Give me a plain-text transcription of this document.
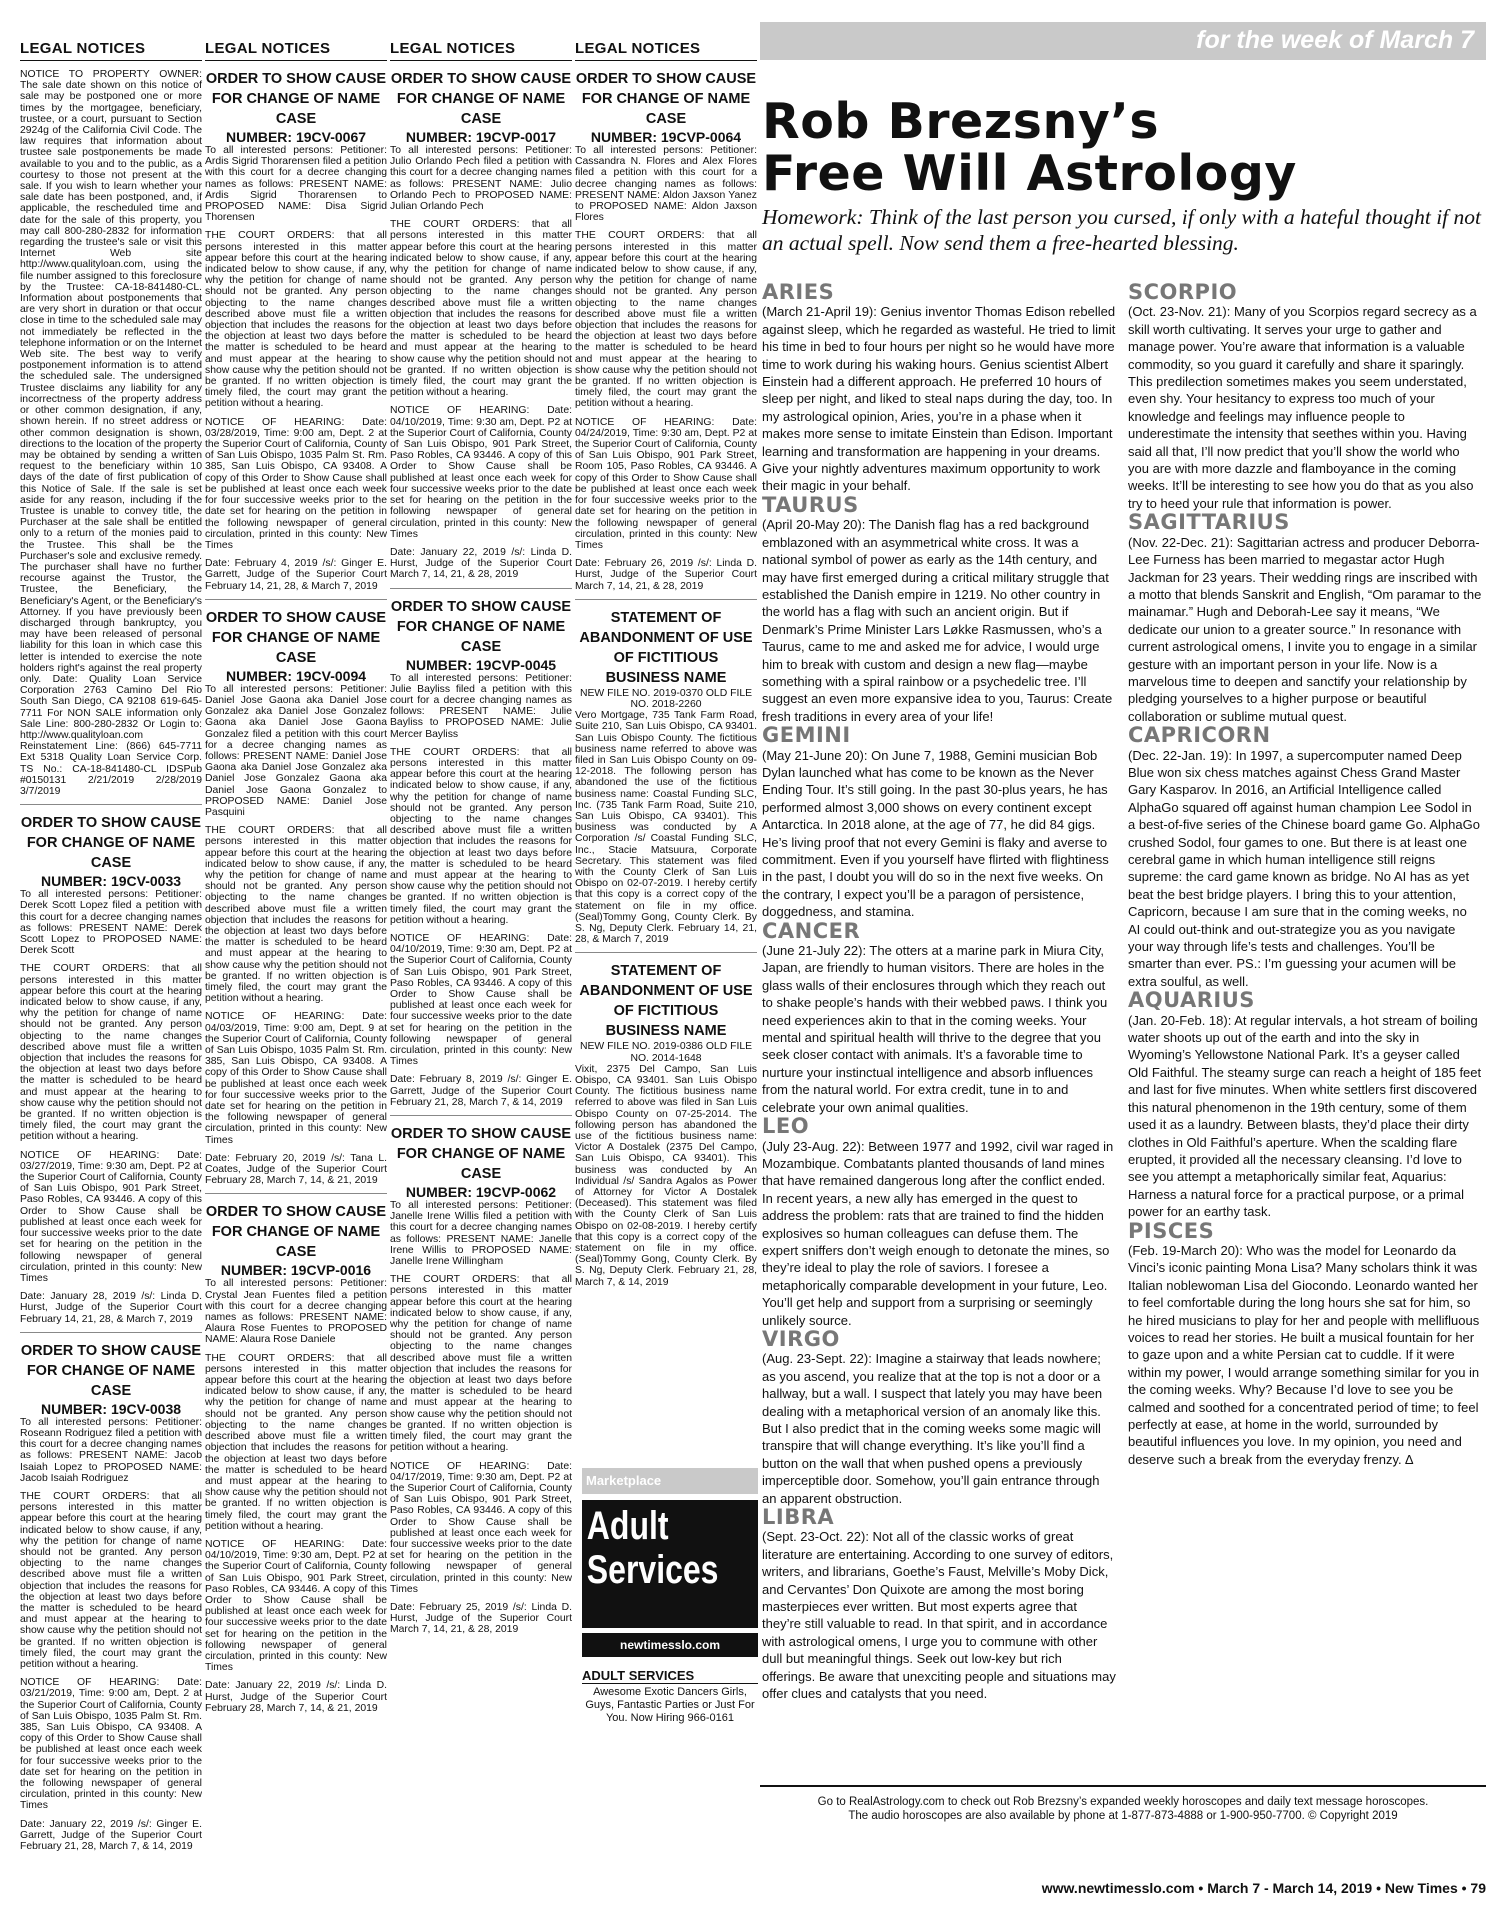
for the week of March 7
LEGAL NOTICES

NOTICE TO PROPERTY OWNER: The sale date shown on this notice of sale may be postponed one or more times by the mortgagee, beneficiary, trustee, or a court, pursuant to Section 2924g of the California Civil Code. The law requires that information about trustee sale postponements be made available to you and to the public, as a courtesy to those not present at the sale. If you wish to learn whether your sale date has been postponed, and, if applicable, the rescheduled time and date for the sale of this property, you may call 800-280-2832 for information regarding the trustee's sale or visit this Internet Web site http://www.qualityloan.com, using the file number assigned to this foreclosure by the Trustee: CA-18-841480-CL. Information about postponements that are very short in duration or that occur close in time to the scheduled sale may not immediately be reflected in the telephone information or on the Internet Web site. The best way to verify postponement information is to attend the scheduled sale. The undersigned Trustee disclaims any liability for any incorrectness of the property address or other common designation, if any, shown herein. If no street address or other common designation is shown, directions to the location of the property may be obtained by sending a written request to the beneficiary within 10 days of the date of first publication of this Notice of Sale. If the sale is set aside for any reason, including if the Trustee is unable to convey title, the Purchaser at the sale shall be entitled only to a return of the monies paid to the Trustee. This shall be the Purchaser's sole and exclusive remedy. The purchaser shall have no further recourse against the Trustor, the Trustee, the Beneficiary, the Beneficiary's Agent, or the Beneficiary's Attorney. If you have previously been discharged through bankruptcy, you may have been released of personal liability for this loan in which case this letter is intended to exercise the note holders right's against the real property only. Date: Quality Loan Service Corporation 2763 Camino Del Rio South San Diego, CA 92108 619-645-7711 For NON SALE information only Sale Line: 800-280-2832 Or Login to: http://www.qualityloan.com Reinstatement Line: (866) 645-7711 Ext 5318 Quality Loan Service Corp. TS No.: CA-18-841480-CL IDSPub #0150131 2/21/2019 2/28/2019 3/7/2019

ORDER TO SHOW CAUSE FOR CHANGE OF NAME CASE
NUMBER: 19CV-0033

To all interested persons: Petitioner: Derek Scott Lopez filed a petition with this court for a decree changing names as follows: PRESENT NAME: Derek Scott Lopez to PROPOSED NAME: Derek Scott

THE COURT ORDERS: that all persons interested in this matter appear before this court at the hearing indicated below to show cause, if any, why the petition for change of name should not be granted. Any person objecting to the name changes described above must file a written objection that includes the reasons for the objection at least two days before the matter is scheduled to be heard and must appear at the hearing to show cause why the petition should not be granted. If no written objection is timely filed, the court may grant the petition without a hearing.

NOTICE OF HEARING: Date: 03/27/2019, Time: 9:30 am, Dept. P2 at the Superior Court of California, County of San Luis Obispo, 901 Park Street, Paso Robles, CA 93446. A copy of this Order to Show Cause shall be published at least once each week for four successive weeks prior to the date set for hearing on the petition in the following newspaper of general circulation, printed in this county: New Times

Date: January 28, 2019 /s/: Linda D. Hurst, Judge of the Superior Court February 14, 21, 28, & March 7, 2019

ORDER TO SHOW CAUSE FOR CHANGE OF NAME CASE
NUMBER: 19CV-0038

To all interested persons: Petitioner: Roseann Rodriguez filed a petition with this court for a decree changing names as follows: PRESENT NAME: Jacob Isaiah Lopez to PROPOSED NAME: Jacob Isaiah Rodriguez

THE COURT ORDERS: that all persons interested in this matter appear before this court at the hearing indicated below to show cause, if any, why the petition for change of name should not be granted. Any person objecting to the name changes described above must file a written objection that includes the reasons for the objection at least two days before the matter is scheduled to be heard and must appear at the hearing to show cause why the petition should not be granted. If no written objection is timely filed, the court may grant the petition without a hearing.

NOTICE OF HEARING: Date: 03/21/2019, Time: 9:00 am, Dept. 2 at the Superior Court of California, County of San Luis Obispo, 1035 Palm St. Rm. 385, San Luis Obispo, CA 93408. A copy of this Order to Show Cause shall be published at least once each week for four successive weeks prior to the date set for hearing on the petition in the following newspaper of general circulation, printed in this county: New Times

Date: January 22, 2019 /s/: Ginger E. Garrett, Judge of the Superior Court February 21, 28, March 7, & 14, 2019

LEGAL NOTICES
ORDER TO SHOW CAUSE FOR CHANGE OF NAME CASE
NUMBER: 19CV-0067

To all interested persons: Petitioner: Ardis Sigrid Thorarensen filed a petition with this court for a decree changing names as follows: PRESENT NAME: Ardis Sigrid Thorarensen to PROPOSED NAME: Disa Sigrid Thorensen

THE COURT ORDERS: that all persons interested in this matter appear before this court at the hearing indicated below to show cause, if any, why the petition for change of name should not be granted. Any person objecting to the name changes described above must file a written objection that includes the reasons for the objection at least two days before the matter is scheduled to be heard and must appear at the hearing to show cause why the petition should not be granted. If no written objection is timely filed, the court may grant the petition without a hearing.

NOTICE OF HEARING: Date: 03/28/2019, Time: 9:00 am, Dept. 2 at the Superior Court of California, County of San Luis Obispo, 1035 Palm St. Rm. 385, San Luis Obispo, CA 93408. A copy of this Order to Show Cause shall be published at least once each week for four successive weeks prior to the date set for hearing on the petition in the following newspaper of general circulation, printed in this county: New Times

Date: February 4, 2019 /s/: Ginger E. Garrett, Judge of the Superior Court February 14, 21, 28, & March 7, 2019

ORDER TO SHOW CAUSE FOR CHANGE OF NAME CASE
NUMBER: 19CV-0094

To all interested persons: Petitioner: Daniel Jose Gaona aka Daniel Jose Gonzalez aka Daniel Jose Gonzalez Gaona aka Daniel Jose Gaona Gonzalez filed a petition with this court for a decree changing names as follows: PRESENT NAME: Daniel Jose Gaona aka Daniel Jose Gonzalez aka Daniel Jose Gonzalez Gaona aka Daniel Jose Gaona Gonzalez to PROPOSED NAME: Daniel Jose Pasquini

THE COURT ORDERS: that all persons interested in this matter appear before this court at the hearing indicated below to show cause, if any, why the petition for change of name should not be granted. Any person objecting to the name changes described above must file a written objection that includes the reasons for the objection at least two days before the matter is scheduled to be heard and must appear at the hearing to show cause why the petition should not be granted. If no written objection is timely filed, the court may grant the petition without a hearing.

NOTICE OF HEARING: Date: 04/03/2019, Time: 9:00 am, Dept. 9 at the Superior Court of California, County of San Luis Obispo, 1035 Palm St. Rm. 385, San Luis Obispo, CA 93408. A copy of this Order to Show Cause shall be published at least once each week for four successive weeks prior to the date set for hearing on the petition in the following newspaper of general circulation, printed in this county: New Times

Date: February 20, 2019 /s/: Tana L. Coates, Judge of the Superior Court February 28, March 7, 14, & 21, 2019

ORDER TO SHOW CAUSE FOR CHANGE OF NAME CASE
NUMBER: 19CVP-0016

To all interested persons: Petitioner: Crystal Jean Fuentes filed a petition with this court for a decree changing names as follows: PRESENT NAME: Alaura Rose Fuentes to PROPOSED NAME: Alaura Rose Daniele

THE COURT ORDERS: that all persons interested in this matter appear before this court at the hearing indicated below to show cause, if any, why the petition for change of name should not be granted. Any person objecting to the name changes described above must file a written objection that includes the reasons for the objection at least two days before the matter is scheduled to be heard and must appear at the hearing to show cause why the petition should not be granted. If no written objection is timely filed, the court may grant the petition without a hearing.

NOTICE OF HEARING: Date: 04/10/2019, Time: 9:30 am, Dept. P2 at the Superior Court of California, County of San Luis Obispo, 901 Park Street, Paso Robles, CA 93446. A copy of this Order to Show Cause shall be published at least once each week for four successive weeks prior to the date set for hearing on the petition in the following newspaper of general circulation, printed in this county: New Times

Date: January 22, 2019 /s/: Linda D. Hurst, Judge of the Superior Court February 28, March 7, 14, & 21, 2019

LEGAL NOTICES
ORDER TO SHOW CAUSE FOR CHANGE OF NAME CASE
NUMBER: 19CVP-0017

To all interested persons: Petitioner: Julio Orlando Pech filed a petition with this court for a decree changing names as follows: PRESENT NAME: Julio Orlando Pech to PROPOSED NAME: Julian Orlando Pech

THE COURT ORDERS: that all persons interested in this matter appear before this court at the hearing indicated below to show cause, if any, why the petition for change of name should not be granted. Any person objecting to the name changes described above must file a written objection that includes the reasons for the objection at least two days before the matter is scheduled to be heard and must appear at the hearing to show cause why the petition should not be granted. If no written objection is timely filed, the court may grant the petition without a hearing.

NOTICE OF HEARING: Date: 04/10/2019, Time: 9:30 am, Dept. P2 at the Superior Court of California, County of San Luis Obispo, 901 Park Street, Paso Robles, CA 93446. A copy of this Order to Show Cause shall be published at least once each week for four successive weeks prior to the date set for hearing on the petition in the following newspaper of general circulation, printed in this county: New Times

Date: January 22, 2019 /s/: Linda D. Hurst, Judge of the Superior Court March 7, 14, 21, & 28, 2019

ORDER TO SHOW CAUSE FOR CHANGE OF NAME CASE
NUMBER: 19CVP-0045

To all interested persons: Petitioner: Julie Bayliss filed a petition with this court for a decree changing names as follows: PRESENT NAME: Julie Bayliss to PROPOSED NAME: Julie Mercer Bayliss

THE COURT ORDERS: that all persons interested in this matter appear before this court at the hearing indicated below to show cause, if any, why the petition for change of name should not be granted. Any person objecting to the name changes described above must file a written objection that includes the reasons for the objection at least two days before the matter is scheduled to be heard and must appear at the hearing to show cause why the petition should not be granted. If no written objection is timely filed, the court may grant the petition without a hearing.

NOTICE OF HEARING: Date: 04/10/2019, Time: 9:30 am, Dept. P2 at the Superior Court of California, County of San Luis Obispo, 901 Park Street, Paso Robles, CA 93446. A copy of this Order to Show Cause shall be published at least once each week for four successive weeks prior to the date set for hearing on the petition in the following newspaper of general circulation, printed in this county: New Times

Date: February 8, 2019 /s/: Ginger E. Garrett, Judge of the Superior Court February 21, 28, March 7, & 14, 2019

ORDER TO SHOW CAUSE FOR CHANGE OF NAME CASE
NUMBER: 19CVP-0062

To all interested persons: Petitioner: Janelle Irene Willis filed a petition with this court for a decree changing names as follows: PRESENT NAME: Janelle Irene Willis to PROPOSED NAME: Janelle Irene Willingham

THE COURT ORDERS: that all persons interested in this matter appear before this court at the hearing indicated below to show cause, if any, why the petition for change of name should not be granted. Any person objecting to the name changes described above must file a written objection that includes the reasons for the objection at least two days before the matter is scheduled to be heard and must appear at the hearing to show cause why the petition should not be granted. If no written objection is timely filed, the court may grant the petition without a hearing.

NOTICE OF HEARING: Date: 04/17/2019, Time: 9:30 am, Dept. P2 at the Superior Court of California, County of San Luis Obispo, 901 Park Street, Paso Robles, CA 93446. A copy of this Order to Show Cause shall be published at least once each week for four successive weeks prior to the date set for hearing on the petition in the following newspaper of general circulation, printed in this county: New Times

Date: February 25, 2019 /s/: Linda D. Hurst, Judge of the Superior Court March 7, 14, 21, & 28, 2019

LEGAL NOTICES
ORDER TO SHOW CAUSE FOR CHANGE OF NAME CASE
NUMBER: 19CVP-0064

To all interested persons: Petitioner: Cassandra N. Flores and Alex Flores filed a petition with this court for a decree changing names as follows: PRESENT NAME: Aldon Jaxson Yanez to PROPOSED NAME: Aldon Jaxson Flores

THE COURT ORDERS: that all persons interested in this matter appear before this court at the hearing indicated below to show cause, if any, why the petition for change of name should not be granted. Any person objecting to the name changes described above must file a written objection that includes the reasons for the objection at least two days before the matter is scheduled to be heard and must appear at the hearing to show cause why the petition should not be granted. If no written objection is timely filed, the court may grant the petition without a hearing.

NOTICE OF HEARING: Date: 04/24/2019, Time: 9:30 am, Dept. P2 at the Superior Court of California, County of San Luis Obispo, 901 Park Street, Room 105, Paso Robles, CA 93446. A copy of this Order to Show Cause shall be published at least once each week for four successive weeks prior to the date set for hearing on the petition in the following newspaper of general circulation, printed in this county: New Times

Date: February 26, 2019 /s/: Linda D. Hurst, Judge of the Superior Court March 7, 14, 21, & 28, 2019

STATEMENT OF ABANDONMENT OF USE OF FICTITIOUS BUSINESS NAME
NEW FILE NO. 2019-0370 OLD FILE NO. 2018-2260

Vero Mortgage, 735 Tank Farm Road, Suite 210, San Luis Obispo, CA 93401. San Luis Obispo County. The fictitious business name referred to above was filed in San Luis Obispo County on 09-12-2018. The following person has abandoned the use of the fictitious business name: Coastal Funding SLC, Inc. (735 Tank Farm Road, Suite 210, San Luis Obispo, CA 93401). This business was conducted by A Corporation /s/ Coastal Funding SLC, Inc., Stacie Matsuura, Corporate Secretary. This statement was filed with the County Clerk of San Luis Obispo on 02-07-2019. I hereby certify that this copy is a correct copy of the statement on file in my office. (Seal)Tommy Gong, County Clerk. By S. Ng, Deputy Clerk. February 14, 21, 28, & March 7, 2019

STATEMENT OF ABANDONMENT OF USE OF FICTITIOUS BUSINESS NAME
NEW FILE NO. 2019-0386 OLD FILE NO. 2014-1648

Vixit, 2375 Del Campo, San Luis Obispo, CA 93401. San Luis Obispo County. The fictitious business name referred to above was filed in San Luis Obispo County on 07-25-2014. The following person has abandoned the use of the fictitious business name: Victor A Dostalek (2375 Del Campo, San Luis Obispo, CA 93401). This business was conducted by An Individual /s/ Sandra Agalos as Power of Attorney for Victor A Dostalek (Deceased). This statement was filed with the County Clerk of San Luis Obispo on 02-08-2019. I hereby certify that this copy is a correct copy of the statement on file in my office. (Seal)Tommy Gong, County Clerk. By S. Ng, Deputy Clerk. February 21, 28, March 7, & 14, 2019

Marketplace
Adult Services
newtimesslo.com
ADULT SERVICES
Awesome Exotic Dancers Girls, Guys, Fantastic Parties or Just For You. Now Hiring 966-0161
Rob Brezsny’s
Free Will Astrology
Homework: Think of the last person you cursed, if only with a hateful thought if not an actual spell. Now send them a free-hearted blessing.
ARIES

(March 21-April 19): Genius inventor Thomas Edison rebelled against sleep, which he regarded as wasteful. He tried to limit his time in bed to four hours per night so he would have more time to work during his waking hours. Genius scientist Albert Einstein had a different approach. He preferred 10 hours of sleep per night, and liked to steal naps during the day, too. In my astrological opinion, Aries, you’re in a phase when it makes more sense to imitate Einstein than Edison. Important learning and transformation are happening in your dreams. Give your nightly adventures maximum opportunity to work their magic in your behalf.

TAURUS

(April 20-May 20): The Danish flag has a red background emblazoned with an asymmetrical white cross. It was a national symbol of power as early as the 14th century, and may have first emerged during a critical military struggle that established the Danish empire in 1219. No other country in the world has a flag with such an ancient origin. But if Denmark’s Prime Minister Lars Løkke Rasmussen, who’s a Taurus, came to me and asked me for advice, I would urge him to break with custom and design a new flag—maybe something with a spiral rainbow or a psychedelic tree. I’ll suggest an even more expansive idea to you, Taurus: Create fresh traditions in every area of your life!

GEMINI

(May 21-June 20): On June 7, 1988, Gemini musician Bob Dylan launched what has come to be known as the Never Ending Tour. It’s still going. In the past 30-plus years, he has performed almost 3,000 shows on every continent except Antarctica. In 2018 alone, at the age of 77, he did 84 gigs. He’s living proof that not every Gemini is flaky and averse to commitment. Even if you yourself have flirted with flightiness in the past, I doubt you will do so in the next five weeks. On the contrary, I expect you’ll be a paragon of persistence, doggedness, and stamina.

CANCER

(June 21-July 22): The otters at a marine park in Miura City, Japan, are friendly to human visitors. There are holes in the glass walls of their enclosures through which they reach out to shake people’s hands with their webbed paws. I think you need experiences akin to that in the coming weeks. Your mental and spiritual health will thrive to the degree that you seek closer contact with animals. It’s a favorable time to nurture your instinctual intelligence and absorb influences from the natural world. For extra credit, tune in to and celebrate your own animal qualities.

LEO

(July 23-Aug. 22): Between 1977 and 1992, civil war raged in Mozambique. Combatants planted thousands of land mines that have remained dangerous long after the conflict ended. In recent years, a new ally has emerged in the quest to address the problem: rats that are trained to find the hidden explosives so human colleagues can defuse them. The expert sniffers don’t weigh enough to detonate the mines, so they’re ideal to play the role of saviors. I foresee a metaphorically comparable development in your future, Leo. You’ll get help and support from a surprising or seemingly unlikely source.

VIRGO

(Aug. 23-Sept. 22): Imagine a stairway that leads nowhere; as you ascend, you realize that at the top is not a door or a hallway, but a wall. I suspect that lately you may have been dealing with a metaphorical version of an anomaly like this. But I also predict that in the coming weeks some magic will transpire that will change everything. It’s like you’ll find a button on the wall that when pushed opens a previously imperceptible door. Somehow, you’ll gain entrance through an apparent obstruction.

LIBRA

(Sept. 23-Oct. 22): Not all of the classic works of great literature are entertaining. According to one survey of editors, writers, and librarians, Goethe’s Faust, Melville’s Moby Dick, and Cervantes’ Don Quixote are among the most boring masterpieces ever written. But most experts agree that they’re still valuable to read. In that spirit, and in accordance with astrological omens, I urge you to commune with other dull but meaningful things. Seek out low-key but rich offerings. Be aware that unexciting people and situations may offer clues and catalysts that you need.

SCORPIO

(Oct. 23-Nov. 21): Many of you Scorpios regard secrecy as a skill worth cultivating. It serves your urge to gather and manage power. You’re aware that information is a valuable commodity, so you guard it carefully and share it sparingly. This predilection sometimes makes you seem understated, even shy. Your hesitancy to express too much of your knowledge and feelings may influence people to underestimate the intensity that seethes within you. Having said all that, I’ll now predict that you’ll show the world who you are with more dazzle and flamboyance in the coming weeks. It’ll be interesting to see how you do that as you also try to heed your rule that information is power.

SAGITTARIUS

(Nov. 22-Dec. 21): Sagittarian actress and producer Deborra-Lee Furness has been married to megastar actor Hugh Jackman for 23 years. Their wedding rings are inscribed with a motto that blends Sanskrit and English, “Om paramar to the mainamar.” Hugh and Deborah-Lee say it means, “We dedicate our union to a greater source.” In resonance with current astrological omens, I invite you to engage in a similar gesture with an important person in your life. Now is a marvelous time to deepen and sanctify your relationship by pledging yourselves to a higher purpose or beautiful collaboration or sublime mutual quest.

CAPRICORN

(Dec. 22-Jan. 19): In 1997, a supercomputer named Deep Blue won six chess matches against Chess Grand Master Gary Kasparov. In 2016, an Artificial Intelligence called AlphaGo squared off against human champion Lee Sodol in a best-of-five series of the Chinese board game Go. AlphaGo crushed Sodol, four games to one. But there is at least one cerebral game in which human intelligence still reigns supreme: the card game known as bridge. No AI has as yet beat the best bridge players. I bring this to your attention, Capricorn, because I am sure that in the coming weeks, no AI could out-think and out-strategize you as you navigate your way through life’s tests and challenges. You’ll be smarter than ever. PS.: I’m guessing your acumen will be extra soulful, as well.

AQUARIUS

(Jan. 20-Feb. 18): At regular intervals, a hot stream of boiling water shoots up out of the earth and into the sky in Wyoming’s Yellowstone National Park. It’s a geyser called Old Faithful. The steamy surge can reach a height of 185 feet and last for five minutes. When white settlers first discovered this natural phenomenon in the 19th century, some of them used it as a laundry. Between blasts, they’d place their dirty clothes in Old Faithful’s aperture. When the scalding flare erupted, it provided all the necessary cleansing. I’d love to see you attempt a metaphorically similar feat, Aquarius: Harness a natural force for a practical purpose, or a primal power for an earthy task.

PISCES

(Feb. 19-March 20): Who was the model for Leonardo da Vinci’s iconic painting Mona Lisa? Many scholars think it was Italian noblewoman Lisa del Giocondo. Leonardo wanted her to feel comfortable during the long hours she sat for him, so he hired musicians to play for her and people with mellifluous voices to read her stories. He built a musical fountain for her to gaze upon and a white Persian cat to cuddle. If it were within my power, I would arrange something similar for you in the coming weeks. Why? Because I’d love to see you be calmed and soothed for a concentrated period of time; to feel perfectly at ease, at home in the world, surrounded by beautiful influences you love. In my opinion, you need and deserve such a break from the everyday frenzy. ∆

Go to RealAstrology.com to check out Rob Brezsny’s expanded weekly horoscopes and daily text message horoscopes.
The audio horoscopes are also available by phone at 1-877-873-4888 or 1-900-950-7700. © Copyright 2019
www.newtimesslo.com • March 7 - March 14, 2019 • New Times • 79
